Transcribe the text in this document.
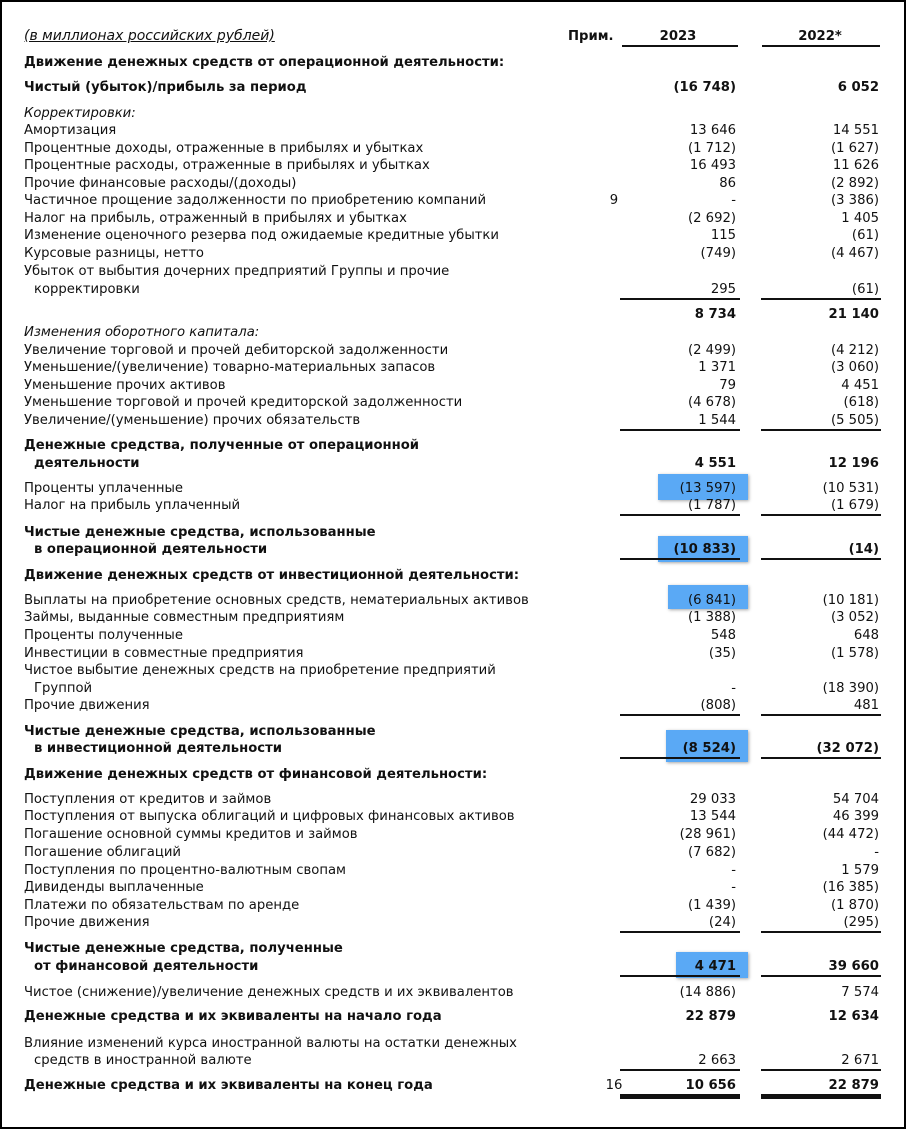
(в миллионах российских рублей)	Прим.	2023	2022*
Движение денежных средств от операционной деятельности:
Чистый (убыток)/прибыль за период	(16 748)	6 052
Корректировки:
Амортизация	13 646	14 551
Процентные доходы, отраженные в прибылях и убытках	(1 712)	(1 627)
Процентные расходы, отраженные в прибылях и убытках	16 493	11 626
Прочие финансовые расходы/(доходы)	86	(2 892)
Частичное прощение задолженности по приобретению компаний	9	-	(3 386)
Налог на прибыль, отраженный в прибылях и убытках	(2 692)	1 405
Изменение оценочного резерва под ожидаемые кредитные убытки	115	(61)
Курсовые разницы, нетто	(749)	(4 467)
Убыток от выбытия дочерних предприятий Группы и прочие
корректировки	295	(61)
8 734	21 140
Изменения оборотного капитала:
Увеличение торговой и прочей дебиторской задолженности	(2 499)	(4 212)
Уменьшение/(увеличение) товарно-материальных запасов	1 371	(3 060)
Уменьшение прочих активов	79	4 451
Уменьшение торговой и прочей кредиторской задолженности	(4 678)	(618)
Увеличение/(уменьшение) прочих обязательств	1 544	(5 505)
Денежные средства, полученные от операционной
деятельности	4 551	12 196
Проценты уплаченные	(13 597)	(10 531)
Налог на прибыль уплаченный	(1 787)	(1 679)
Чистые денежные средства, использованные
в операционной деятельности	(10 833)	(14)
Движение денежных средств от инвестиционной деятельности:
Выплаты на приобретение основных средств, нематериальных активов	(6 841)	(10 181)
Займы, выданные совместным предприятиям	(1 388)	(3 052)
Проценты полученные	548	648
Инвестиции в совместные предприятия	(35)	(1 578)
Чистое выбытие денежных средств на приобретение предприятий
Группой	-	(18 390)
Прочие движения	(808)	481
Чистые денежные средства, использованные
в инвестиционной деятельности	(8 524)	(32 072)
Движение денежных средств от финансовой деятельности:
Поступления от кредитов и займов	29 033	54 704
Поступления от выпуска облигаций и цифровых финансовых активов	13 544	46 399
Погашение основной суммы кредитов и займов	(28 961)	(44 472)
Погашение облигаций	(7 682)	-
Поступления по процентно-валютным свопам	-	1 579
Дивиденды выплаченные	-	(16 385)
Платежи по обязательствам по аренде	(1 439)	(1 870)
Прочие движения	(24)	(295)
Чистые денежные средства, полученные
от финансовой деятельности	4 471	39 660
Чистое (снижение)/увеличение денежных средств и их эквивалентов	(14 886)	7 574
Денежные средства и их эквиваленты на начало года	22 879	12 634
Влияние изменений курса иностранной валюты на остатки денежных
средств в иностранной валюте	2 663	2 671
Денежные средства и их эквиваленты на конец года	16	10 656	22 879
